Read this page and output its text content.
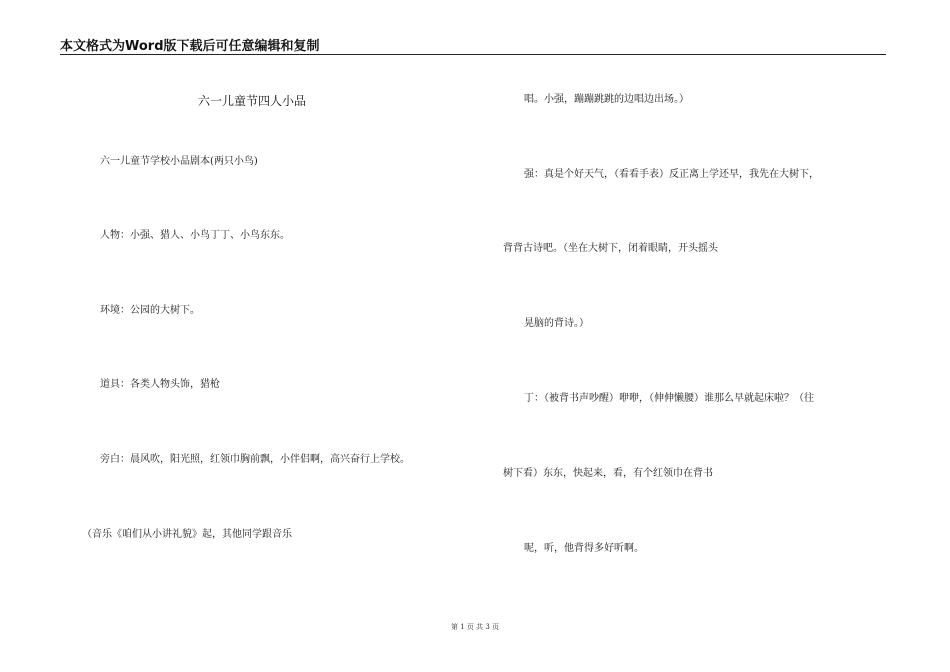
本文格式为Word版下载后可任意编辑和复制
六一儿童节四人小品
六一儿童节学校小品剧本(两只小鸟)
人物：小强、猎人、小鸟丁丁、小鸟东东。
环境：公园的大树下。
道具：各类人物头饰，猎枪
旁白：晨风吹，阳光照，红领巾胸前飘，小伴侣啊，高兴奋行上学校。
（音乐《咱们从小讲礼貌》起，其他同学跟音乐
唱。小强，蹦蹦跳跳的边唱边出场。）
强：真是个好天气，（看看手表）反正离上学还早，我先在大树下，
背背古诗吧。（坐在大树下，闭着眼睛，开头摇头
晃脑的背诗。）
丁：（被背书声吵醒）咿咿，（伸伸懒腰）谁那么早就起床啦？（往
树下看）东东，快起来，看，有个红领巾在背书
呢，听，他背得多好听啊。
第 1 页 共 3 页
